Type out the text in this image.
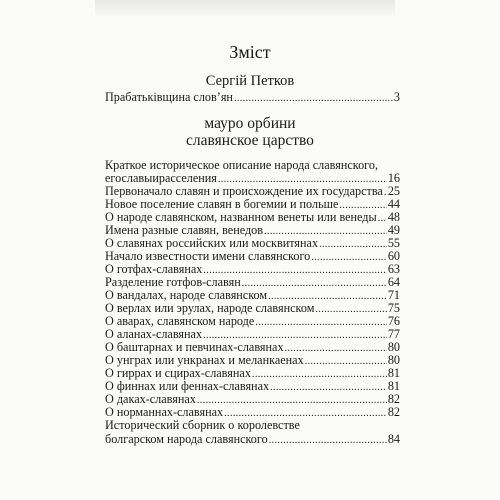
Зміст
Сергій Петков
Прабатьківщина слов’ян .....	3
мауро орбини
славянское царство
Краткое историческое описание народа славянского,
егославыирасселения .....	16
Первоначало славян и происхождение их государства ..... 25
Новое поселение славян в богемии и польше .....	44
О народе славянском, названном венеты или венеды ..... 48
Имена разные славян, венедов .....	49
О славянах российских или москвитянах .....	55
Начало известности имени славянского .....	60
О готфах-славянах .....	63
Разделение готфов-славян .....	64
О вандалах, народе славянском .....	71
О верлах или эрулах, народе славянском .....	75
О аварах, славянском народе .....	76
О аланах-славянах .....	77
О баштарнах и певчинах-славянах .....	80
О унграх или ункранах и меланкаенах .....	80
О гиррах и сцирах-славянах .....	81
О финнах или феннах-славянах .....	81
О даках-славянах .....	82
О норманнах-славянах .....	82
Исторический сборник о королевстве
болгарском народа славянского .....	84
